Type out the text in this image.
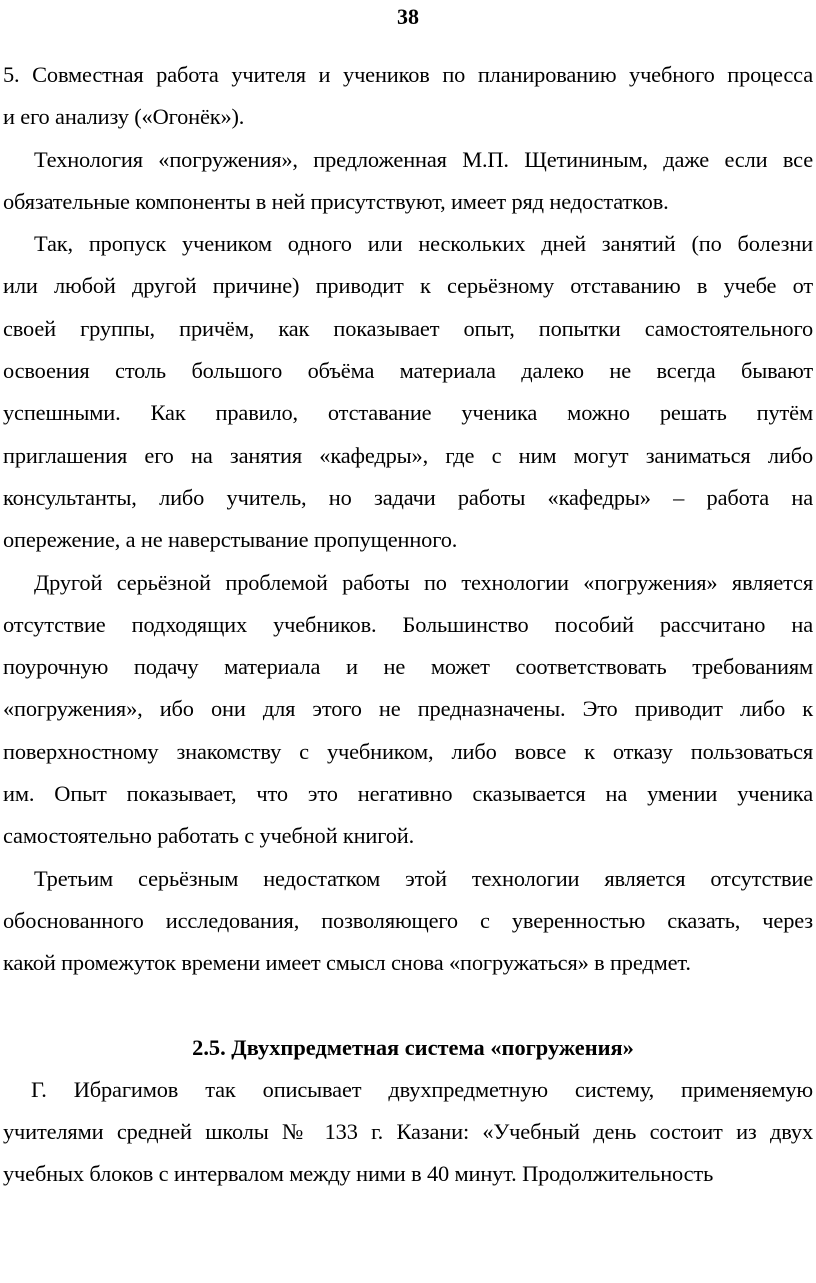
38

5. Совместная работа учителя и учеников по планированию учебного процесса

и его анализу («Огонёк»).

Технология «погружения», предложенная М.П. Щетининым, даже если все

обязательные компоненты в ней присутствуют, имеет ряд недостатков.

Так, пропуск учеником одного или нескольких дней занятий (по болезни

или любой другой причине) приводит к серьёзному отставанию в учебе от

своей группы, причём, как показывает опыт, попытки самостоятельного

освоения столь большого объёма материала далеко не всегда бывают

успешными. Как правило, отставание ученика можно решать путём

приглашения его на занятия «кафедры», где с ним могут заниматься либо

консультанты, либо учитель, но задачи работы «кафедры» – работа на

опережение, а не наверстывание пропущенного.

Другой серьёзной проблемой работы по технологии «погружения» является

отсутствие подходящих учебников. Большинство пособий рассчитано на

поурочную подачу материала и не может соответствовать требованиям

«погружения», ибо они для этого не предназначены. Это приводит либо к

поверхностному знакомству с учебником, либо вовсе к отказу пользоваться

им. Опыт показывает, что это негативно сказывается на умении ученика

самостоятельно работать с учебной книгой.

Третьим серьёзным недостатком этой технологии является отсутствие

обоснованного исследования, позволяющего с уверенностью сказать, через

какой промежуток времени имеет смысл снова «погружаться» в предмет.

2.5. Двухпредметная система «погружения»

Г. Ибрагимов так описывает двухпредметную систему, применяемую

учителями средней школы № 133 г. Казани: «Учебный день состоит из двух

учебных блоков с интервалом между ними в 40 минут. Продолжительность
